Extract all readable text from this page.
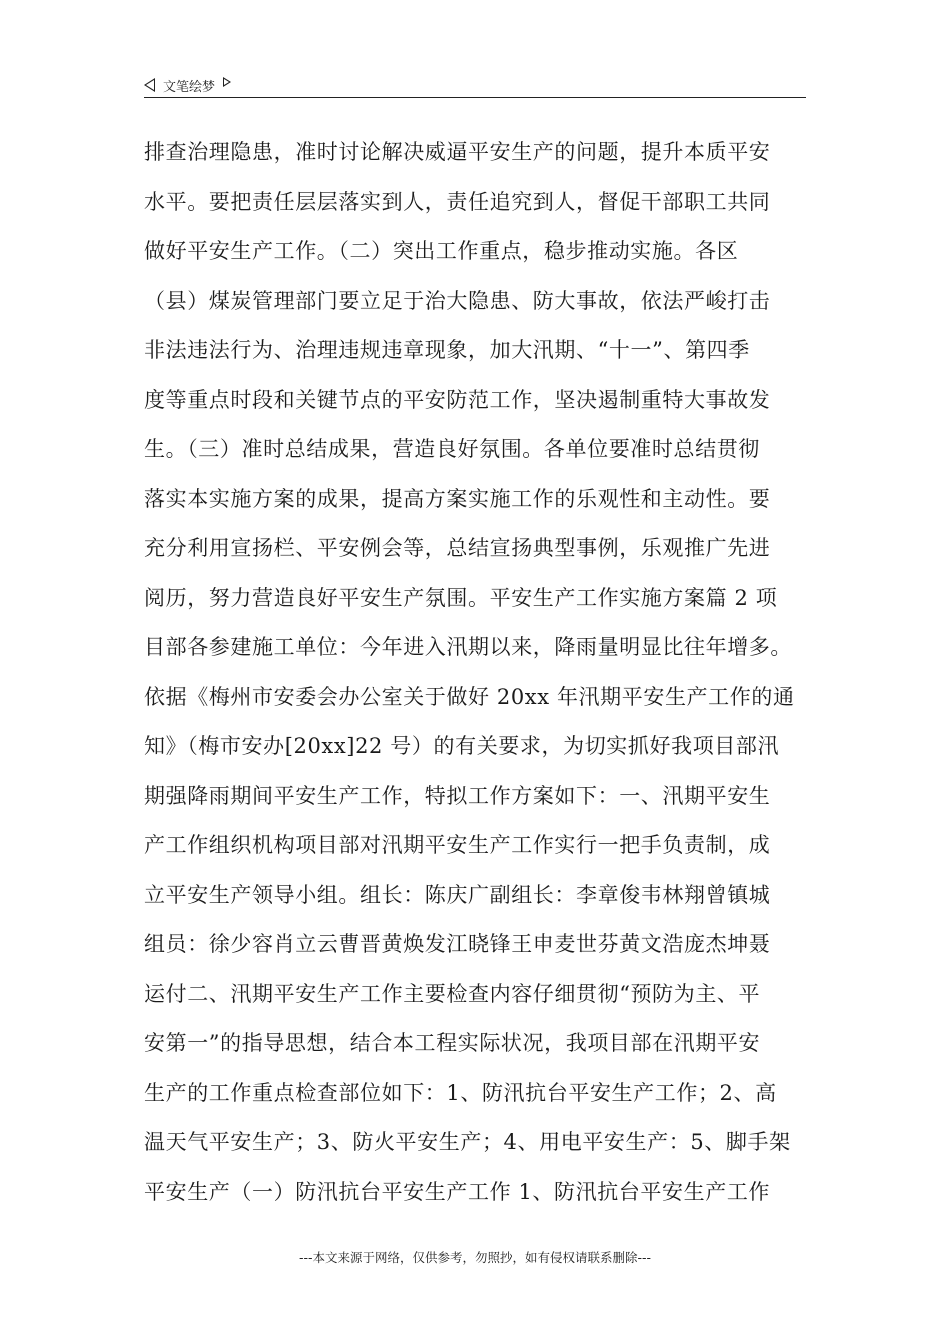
文笔绘梦
排查治理隐患，准时讨论解决威逼平安生产的问题，提升本质平安
水平。要把责任层层落实到人，责任追究到人，督促干部职工共同
做好平安生产工作。（二）突出工作重点，稳步推动实施。各区
（县）煤炭管理部门要立足于治大隐患、防大事故，依法严峻打击
非法违法行为、治理违规违章现象，加大汛期、“十一”、第四季
度等重点时段和关键节点的平安防范工作，坚决遏制重特大事故发
生。（三）准时总结成果，营造良好氛围。各单位要准时总结贯彻
落实本实施方案的成果，提高方案实施工作的乐观性和主动性。要
充分利用宣扬栏、平安例会等，总结宣扬典型事例，乐观推广先进
阅历，努力营造良好平安生产氛围。平安生产工作实施方案篇 2 项
目部各参建施工单位：今年进入汛期以来，降雨量明显比往年增多。
依据《梅州市安委会办公室关于做好 20xx 年汛期平安生产工作的通
知》（梅市安办[20xx]22 号）的有关要求，为切实抓好我项目部汛
期强降雨期间平安生产工作，特拟工作方案如下：一、汛期平安生
产工作组织机构项目部对汛期平安生产工作实行一把手负责制，成
立平安生产领导小组。组长：陈庆广副组长：李章俊韦林翔曾镇城
组员：徐少容肖立云曹晋黄焕发江晓锋王申麦世芬黄文浩庞杰坤聂
运付二、汛期平安生产工作主要检查内容仔细贯彻“预防为主、平
安第一”的指导思想，结合本工程实际状况，我项目部在汛期平安
生产的工作重点检查部位如下：1、防汛抗台平安生产工作；2、高
温天气平安生产；3、防火平安生产；4、用电平安生产：5、脚手架
平安生产（一）防汛抗台平安生产工作 1、防汛抗台平安生产工作
---本文来源于网络，仅供参考，勿照抄，如有侵权请联系删除---
